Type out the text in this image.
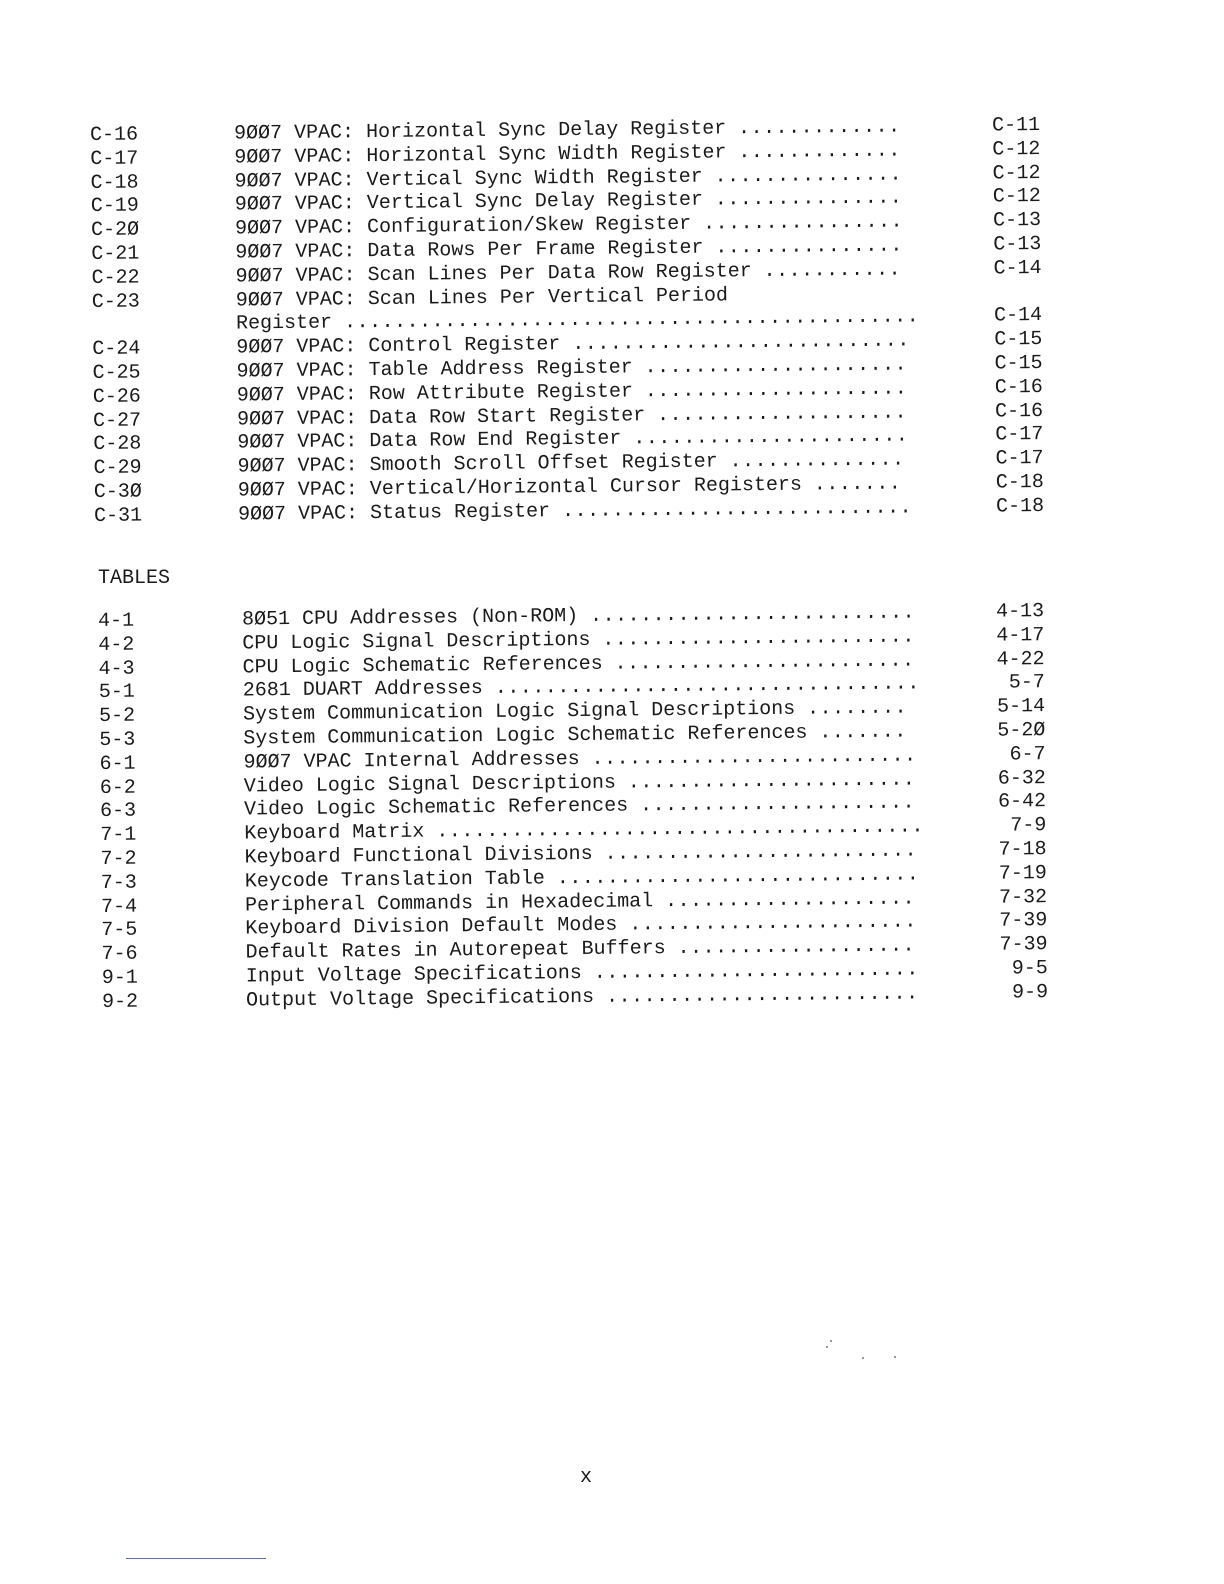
C-16	9ØØ7 VPAC: Horizontal Sync Delay Register .............	C-11
C-17	9ØØ7 VPAC: Horizontal Sync Width Register .............	C-12
C-18	9ØØ7 VPAC: Vertical Sync Width Register ...............	C-12
C-19	9ØØ7 VPAC: Vertical Sync Delay Register ...............	C-12
C-2Ø	9ØØ7 VPAC: Configuration/Skew Register ................	C-13
C-21	9ØØ7 VPAC: Data Rows Per Frame Register ...............	C-13
C-22	9ØØ7 VPAC: Scan Lines Per Data Row Register ...........	C-14
C-23	9ØØ7 VPAC: Scan Lines Per Vertical Period
Register ..............................................	C-14
C-24	9ØØ7 VPAC: Control Register ...........................	C-15
C-25	9ØØ7 VPAC: Table Address Register .....................	C-15
C-26	9ØØ7 VPAC: Row Attribute Register .....................	C-16
C-27	9ØØ7 VPAC: Data Row Start Register ....................	C-16
C-28	9ØØ7 VPAC: Data Row End Register ......................	C-17
C-29	9ØØ7 VPAC: Smooth Scroll Offset Register ..............	C-17
C-3Ø	9ØØ7 VPAC: Vertical/Horizontal Cursor Registers .......	C-18
C-31	9ØØ7 VPAC: Status Register ............................	C-18
TABLES
4-1	8Ø51 CPU Addresses (Non-ROM) ..........................	4-13
4-2	CPU Logic Signal Descriptions .........................	4-17
4-3	CPU Logic Schematic References ........................	4-22
5-1	2681 DUART Addresses ..................................	5-7
5-2	System Communication Logic Signal Descriptions ........	5-14
5-3	System Communication Logic Schematic References .......	5-2Ø
6-1	9ØØ7 VPAC Internal Addresses ..........................	6-7
6-2	Video Logic Signal Descriptions .......................	6-32
6-3	Video Logic Schematic References ......................	6-42
7-1	Keyboard Matrix .......................................	7-9
7-2	Keyboard Functional Divisions .........................	7-18
7-3	Keycode Translation Table .............................	7-19
7-4	Peripheral Commands in Hexadecimal ....................	7-32
7-5	Keyboard Division Default Modes .......................	7-39
7-6	Default Rates in Autorepeat Buffers ...................	7-39
9-1	Input Voltage Specifications ..........................	9-5
9-2	Output Voltage Specifications .........................	9-9
x
